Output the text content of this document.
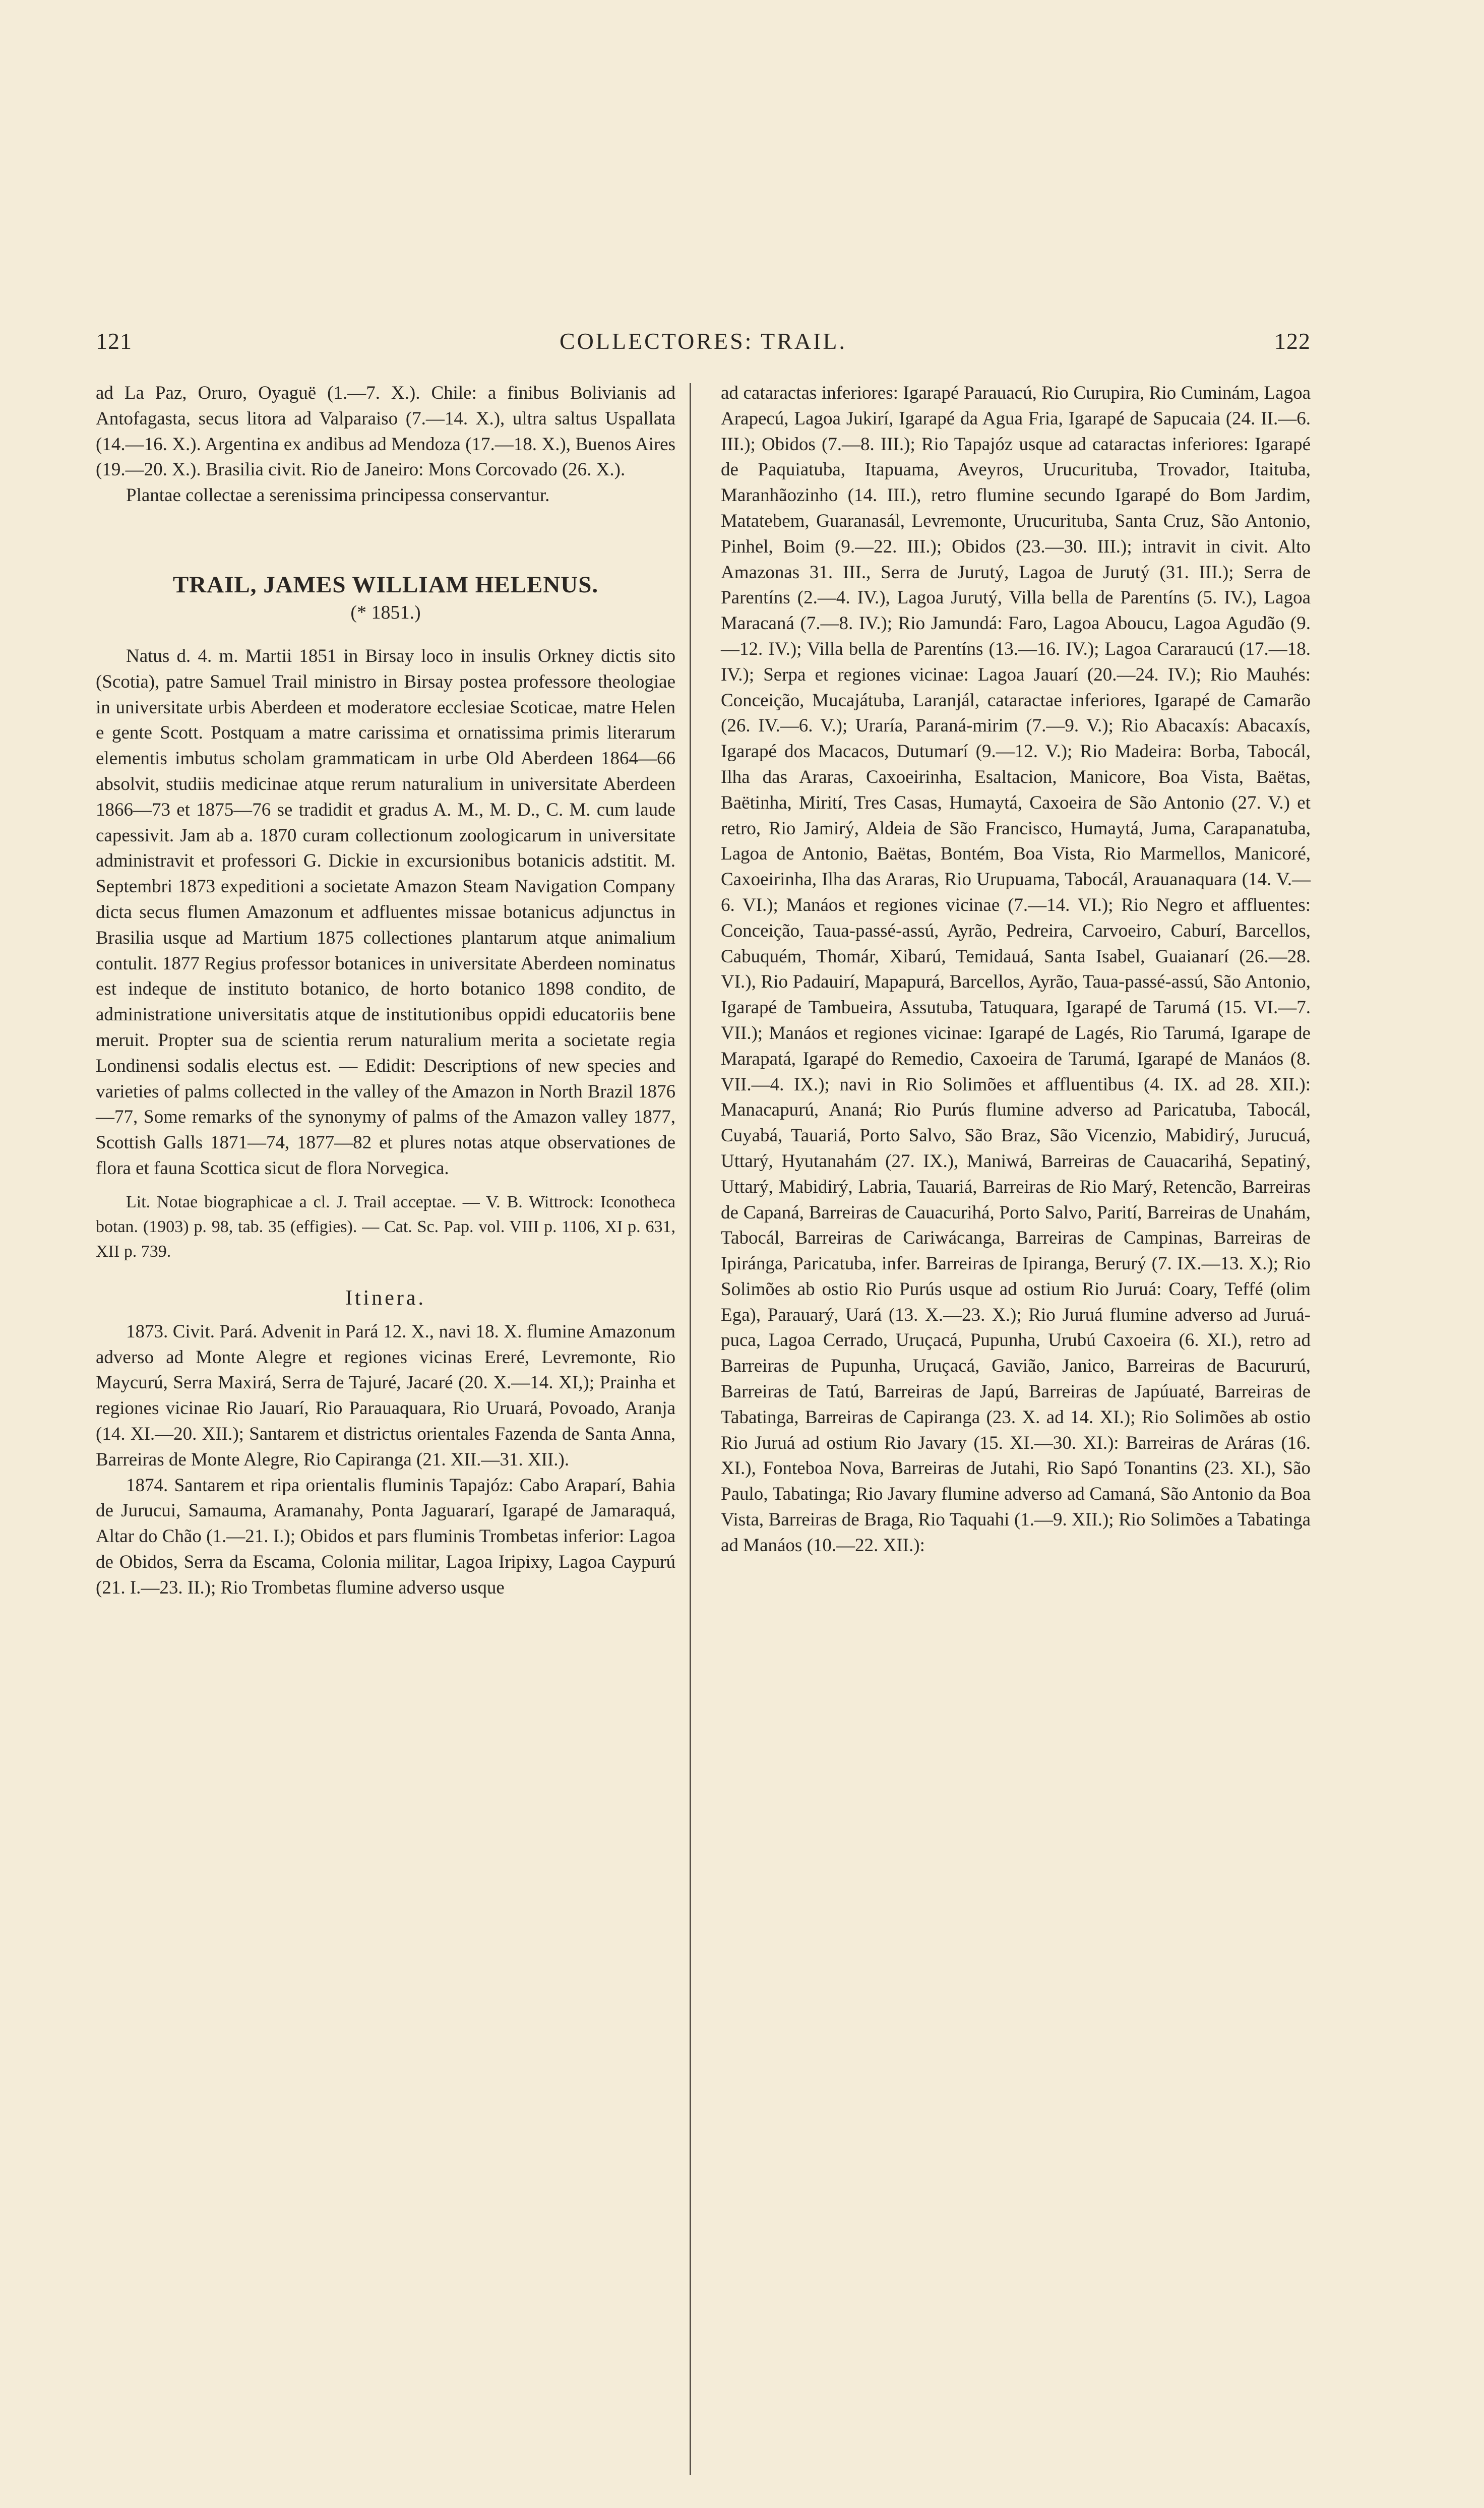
121	COLLECTORES: TRAIL.	122

ad La Paz, Oruro, Oyaguë (1.—7. X.). Chile: a finibus Bolivianis ad Antofagasta, secus litora ad Valparaiso (7.—14. X.), ultra saltus Uspallata (14.—16. X.). Argentina ex andibus ad Mendoza (17.—18. X.), Buenos Aires (19.—20. X.). Brasilia civit. Rio de Janeiro: Mons Corcovado (26. X.).

Plantae collectae a serenissima principessa conservantur.

TRAIL, JAMES WILLIAM HELENUS.
(* 1851.)

Natus d. 4. m. Martii 1851 in Birsay loco in insulis Orkney dictis sito (Scotia), patre Samuel Trail ministro in Birsay postea professore theologiae in universitate urbis Aberdeen et moderatore ecclesiae Scoticae, matre Helen e gente Scott. Postquam a matre carissima et ornatissima primis literarum elementis imbutus scholam grammaticam in urbe Old Aberdeen 1864—66 absolvit, studiis medicinae atque rerum naturalium in universitate Aberdeen 1866—73 et 1875—76 se tradidit et gradus A. M., M. D., C. M. cum laude capessivit. Jam ab a. 1870 curam collectionum zoologicarum in universitate administravit et professori G. Dickie in excursionibus botanicis adstitit. M. Septembri 1873 expeditioni a societate Amazon Steam Navigation Company dicta secus flumen Amazonum et adfluentes missae botanicus adjunctus in Brasilia usque ad Martium 1875 collectiones plantarum atque animalium contulit. 1877 Regius professor botanices in universitate Aberdeen nominatus est indeque de instituto botanico, de horto botanico 1898 condito, de administratione universitatis atque de institutionibus oppidi educatoriis bene meruit. Propter sua de scientia rerum naturalium merita a societate regia Londinensi sodalis electus est. — Edidit: Descriptions of new species and varieties of palms collected in the valley of the Amazon in North Brazil 1876—77, Some remarks of the synonymy of palms of the Amazon valley 1877, Scottish Galls 1871—74, 1877—82 et plures notas atque observationes de flora et fauna Scottica sicut de flora Norvegica.

Lit. Notae biographicae a cl. J. Trail acceptae. — V. B. Wittrock: Iconotheca botan. (1903) p. 98, tab. 35 (effigies). — Cat. Sc. Pap. vol. VIII p. 1106, XI p. 631, XII p. 739.

Itinera.

1873. Civit. Pará. Advenit in Pará 12. X., navi 18. X. flumine Amazonum adverso ad Monte Alegre et regiones vicinas Ereré, Levremonte, Rio Maycurú, Serra Maxirá, Serra de Tajuré, Jacaré (20. X.—14. XI,); Prainha et regiones vicinae Rio Jauarí, Rio Parauaquara, Rio Uruará, Povoado, Aranja (14. XI.—20. XII.); Santarem et districtus orientales Fazenda de Santa Anna, Barreiras de Monte Alegre, Rio Capiranga (21. XII.—31. XII.).

1874. Santarem et ripa orientalis fluminis Tapajóz: Cabo Araparí, Bahia de Jurucui, Samauma, Aramanahy, Ponta Jaguararí, Igarapé de Jamaraquá, Altar do Chão (1.—21. I.); Obidos et pars fluminis Trombetas inferior: Lagoa de Obidos, Serra da Escama, Colonia militar, Lagoa Iripixy, Lagoa Caypurú (21. I.—23. II.); Rio Trombetas flumine adverso usque

ad cataractas inferiores: Igarapé Parauacú, Rio Curupira, Rio Cuminám, Lagoa Arapecú, Lagoa Jukirí, Igarapé da Agua Fria, Igarapé de Sapucaia (24. II.—6. III.); Obidos (7.—8. III.); Rio Tapajóz usque ad cataractas inferiores: Igarapé de Paquiatuba, Itapuama, Aveyros, Urucurituba, Trovador, Itaituba, Maranhãozinho (14. III.), retro flumine secundo Igarapé do Bom Jardim, Matatebem, Guaranasál, Levremonte, Urucurituba, Santa Cruz, São Antonio, Pinhel, Boim (9.—22. III.); Obidos (23.—30. III.); intravit in civit. Alto Amazonas 31. III., Serra de Jurutý, Lagoa de Jurutý (31. III.); Serra de Parentíns (2.—4. IV.), Lagoa Jurutý, Villa bella de Parentíns (5. IV.), Lagoa Maracaná (7.—8. IV.); Rio Jamundá: Faro, Lagoa Aboucu, Lagoa Agudão (9.—12. IV.); Villa bella de Parentíns (13.—16. IV.); Lagoa Cararaucú (17.—18. IV.); Serpa et regiones vicinae: Lagoa Jauarí (20.—24. IV.); Rio Mauhés: Conceição, Mucajátuba, Laranjál, cataractae inferiores, Igarapé de Camarão (26. IV.—6. V.); Uraría, Paraná-mirim (7.—9. V.); Rio Abacaxís: Abacaxís, Igarapé dos Macacos, Dutumarí (9.—12. V.); Rio Madeira: Borba, Tabocál, Ilha das Araras, Caxoeirinha, Esaltacion, Manicore, Boa Vista, Baëtas, Baëtinha, Mirití, Tres Casas, Humaytá, Caxoeira de São Antonio (27. V.) et retro, Rio Jamirý, Aldeia de São Francisco, Humaytá, Juma, Carapanatuba, Lagoa de Antonio, Baëtas, Bontém, Boa Vista, Rio Marmellos, Manicoré, Caxoeirinha, Ilha das Araras, Rio Urupuama, Tabocál, Arauanaquara (14. V.—6. VI.); Manáos et regiones vicinae (7.—14. VI.); Rio Negro et affluentes: Conceição, Taua-passé-assú, Ayrão, Pedreira, Carvoeiro, Caburí, Barcellos, Cabuquém, Thomár, Xibarú, Temidauá, Santa Isabel, Guaianarí (26.—28. VI.), Rio Padauirí, Mapapurá, Barcellos, Ayrão, Taua-passé-assú, São Antonio, Igarapé de Tambueira, Assutuba, Tatuquara, Igarapé de Tarumá (15. VI.—7. VII.); Manáos et regiones vicinae: Igarapé de Lagés, Rio Tarumá, Igarape de Marapatá, Igarapé do Remedio, Caxoeira de Tarumá, Igarapé de Manáos (8. VII.—4. IX.); navi in Rio Solimões et affluentibus (4. IX. ad 28. XII.): Manacapurú, Ananá; Rio Purús flumine adverso ad Paricatuba, Tabocál, Cuyabá, Tauariá, Porto Salvo, São Braz, São Vicenzio, Mabidirý, Jurucuá, Uttarý, Hyutanahám (27. IX.), Maniwá, Barreiras de Cauacarihá, Sepatiný, Uttarý, Mabidirý, Labria, Tauariá, Barreiras de Rio Marý, Retencão, Barreiras de Capaná, Barreiras de Cauacurihá, Porto Salvo, Parití, Barreiras de Unahám, Tabocál, Barreiras de Cariwácanga, Barreiras de Campinas, Barreiras de Ipiránga, Paricatuba, infer. Barreiras de Ipiranga, Berurý (7. IX.—13. X.); Rio Solimões ab ostio Rio Purús usque ad ostium Rio Juruá: Coary, Teffé (olim Ega), Parauarý, Uará (13. X.—23. X.); Rio Juruá flumine adverso ad Juruá-puca, Lagoa Cerrado, Uruçacá, Pupunha, Urubú Caxoeira (6. XI.), retro ad Barreiras de Pupunha, Uruçacá, Gavião, Janico, Barreiras de Bacururú, Barreiras de Tatú, Barreiras de Japú, Barreiras de Japúuaté, Barreiras de Tabatinga, Barreiras de Capiranga (23. X. ad 14. XI.); Rio Solimões ab ostio Rio Juruá ad ostium Rio Javary (15. XI.—30. XI.): Barreiras de Aráras (16. XI.), Fonteboa Nova, Barreiras de Jutahi, Rio Sapó Tonantins (23. XI.), São Paulo, Tabatinga; Rio Javary flumine adverso ad Camaná, São Antonio da Boa Vista, Barreiras de Braga, Rio Taquahi (1.—9. XII.); Rio Solimões a Tabatinga ad Manáos (10.—22. XII.):
